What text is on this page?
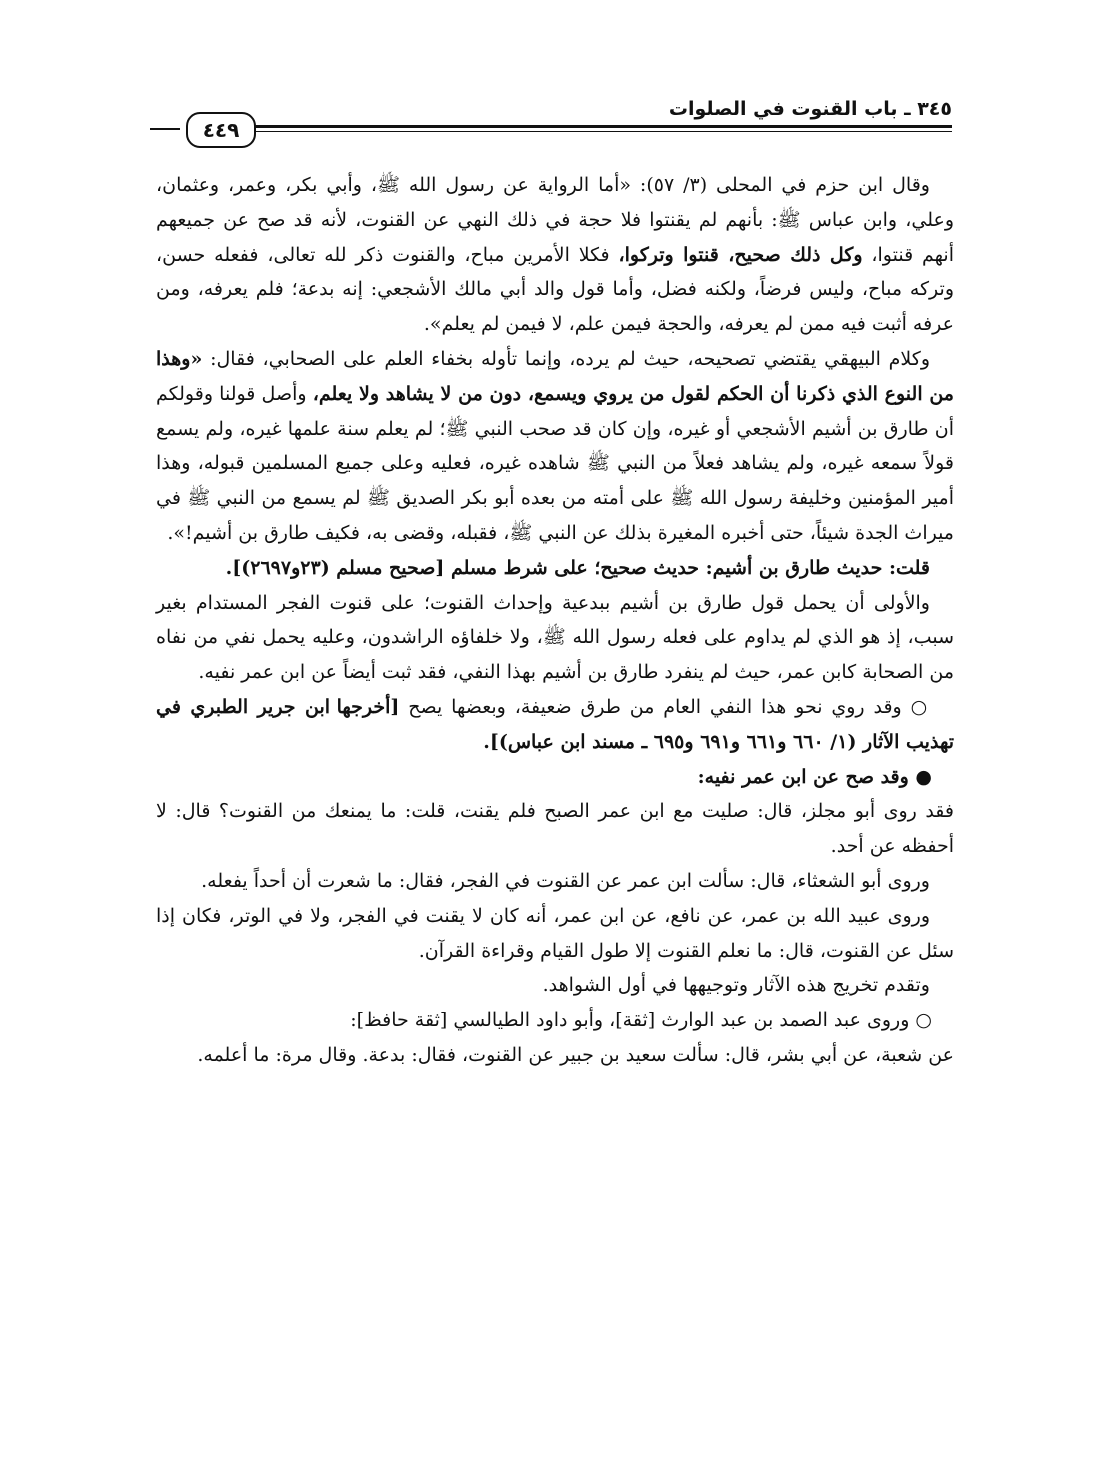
٣٤٥ ـ باب القنوت في الصلوات
٤٤٩

وقال ابن حزم في المحلى (٣/ ٥٧): «أما الرواية عن رسول الله ﷺ، وأبي بكر، وعمر، وعثمان، وعلي، وابن عباس ﷺ: بأنهم لم يقنتوا فلا حجة في ذلك النهي عن القنوت، لأنه قد صح عن جميعهم أنهم قنتوا، وكل ذلك صحيح، قنتوا وتركوا، فكلا الأمرين مباح، والقنوت ذكر لله تعالى، ففعله حسن، وتركه مباح، وليس فرضاً، ولكنه فضل، وأما قول والد أبي مالك الأشجعي: إنه بدعة؛ فلم يعرفه، ومن عرفه أثبت فيه ممن لم يعرفه، والحجة فيمن علم، لا فيمن لم يعلم».

وكلام البيهقي يقتضي تصحيحه، حيث لم يرده، وإنما تأوله بخفاء العلم على الصحابي، فقال: «وهذا من النوع الذي ذكرنا أن الحكم لقول من يروي ويسمع، دون من لا يشاهد ولا يعلم، وأصل قولنا وقولكم أن طارق بن أشيم الأشجعي أو غيره، وإن كان قد صحب النبي ﷺ؛ لم يعلم سنة علمها غيره، ولم يسمع قولاً سمعه غيره، ولم يشاهد فعلاً من النبي ﷺ شاهده غيره، فعليه وعلى جميع المسلمين قبوله، وهذا أمير المؤمنين وخليفة رسول الله ﷺ على أمته من بعده أبو بكر الصديق ﷺ لم يسمع من النبي ﷺ في ميراث الجدة شيئاً، حتى أخبره المغيرة بذلك عن النبي ﷺ، فقبله، وقضى به، فكيف طارق بن أشيم!».

قلت: حديث طارق بن أشيم: حديث صحيح؛ على شرط مسلم [صحيح مسلم (٢٣و٢٦٩٧)].

والأولى أن يحمل قول طارق بن أشيم ببدعية وإحداث القنوت؛ على قنوت الفجر المستدام بغير سبب، إذ هو الذي لم يداوم على فعله رسول الله ﷺ، ولا خلفاؤه الراشدون، وعليه يحمل نفي من نفاه من الصحابة كابن عمر، حيث لم ينفرد طارق بن أشيم بهذا النفي، فقد ثبت أيضاً عن ابن عمر نفيه.

○ وقد روي نحو هذا النفي العام من طرق ضعيفة، وبعضها يصح [أخرجها ابن جرير الطبري في تهذيب الآثار (١/ ٦٦٠ و٦٦١ و٦٩١ و٦٩٥ ـ مسند ابن عباس)].

● وقد صح عن ابن عمر نفيه:

فقد روى أبو مجلز، قال: صليت مع ابن عمر الصبح فلم يقنت، قلت: ما يمنعك من القنوت؟ قال: لا أحفظه عن أحد.

وروى أبو الشعثاء، قال: سألت ابن عمر عن القنوت في الفجر، فقال: ما شعرت أن أحداً يفعله.

وروى عبيد الله بن عمر، عن نافع، عن ابن عمر، أنه كان لا يقنت في الفجر، ولا في الوتر، فكان إذا سئل عن القنوت، قال: ما نعلم القنوت إلا طول القيام وقراءة القرآن.

وتقدم تخريج هذه الآثار وتوجيهها في أول الشواهد.

○ وروى عبد الصمد بن عبد الوارث [ثقة]، وأبو داود الطيالسي [ثقة حافظ]:

عن شعبة، عن أبي بشر، قال: سألت سعيد بن جبير عن القنوت، فقال: بدعة. وقال مرة: ما أعلمه.
